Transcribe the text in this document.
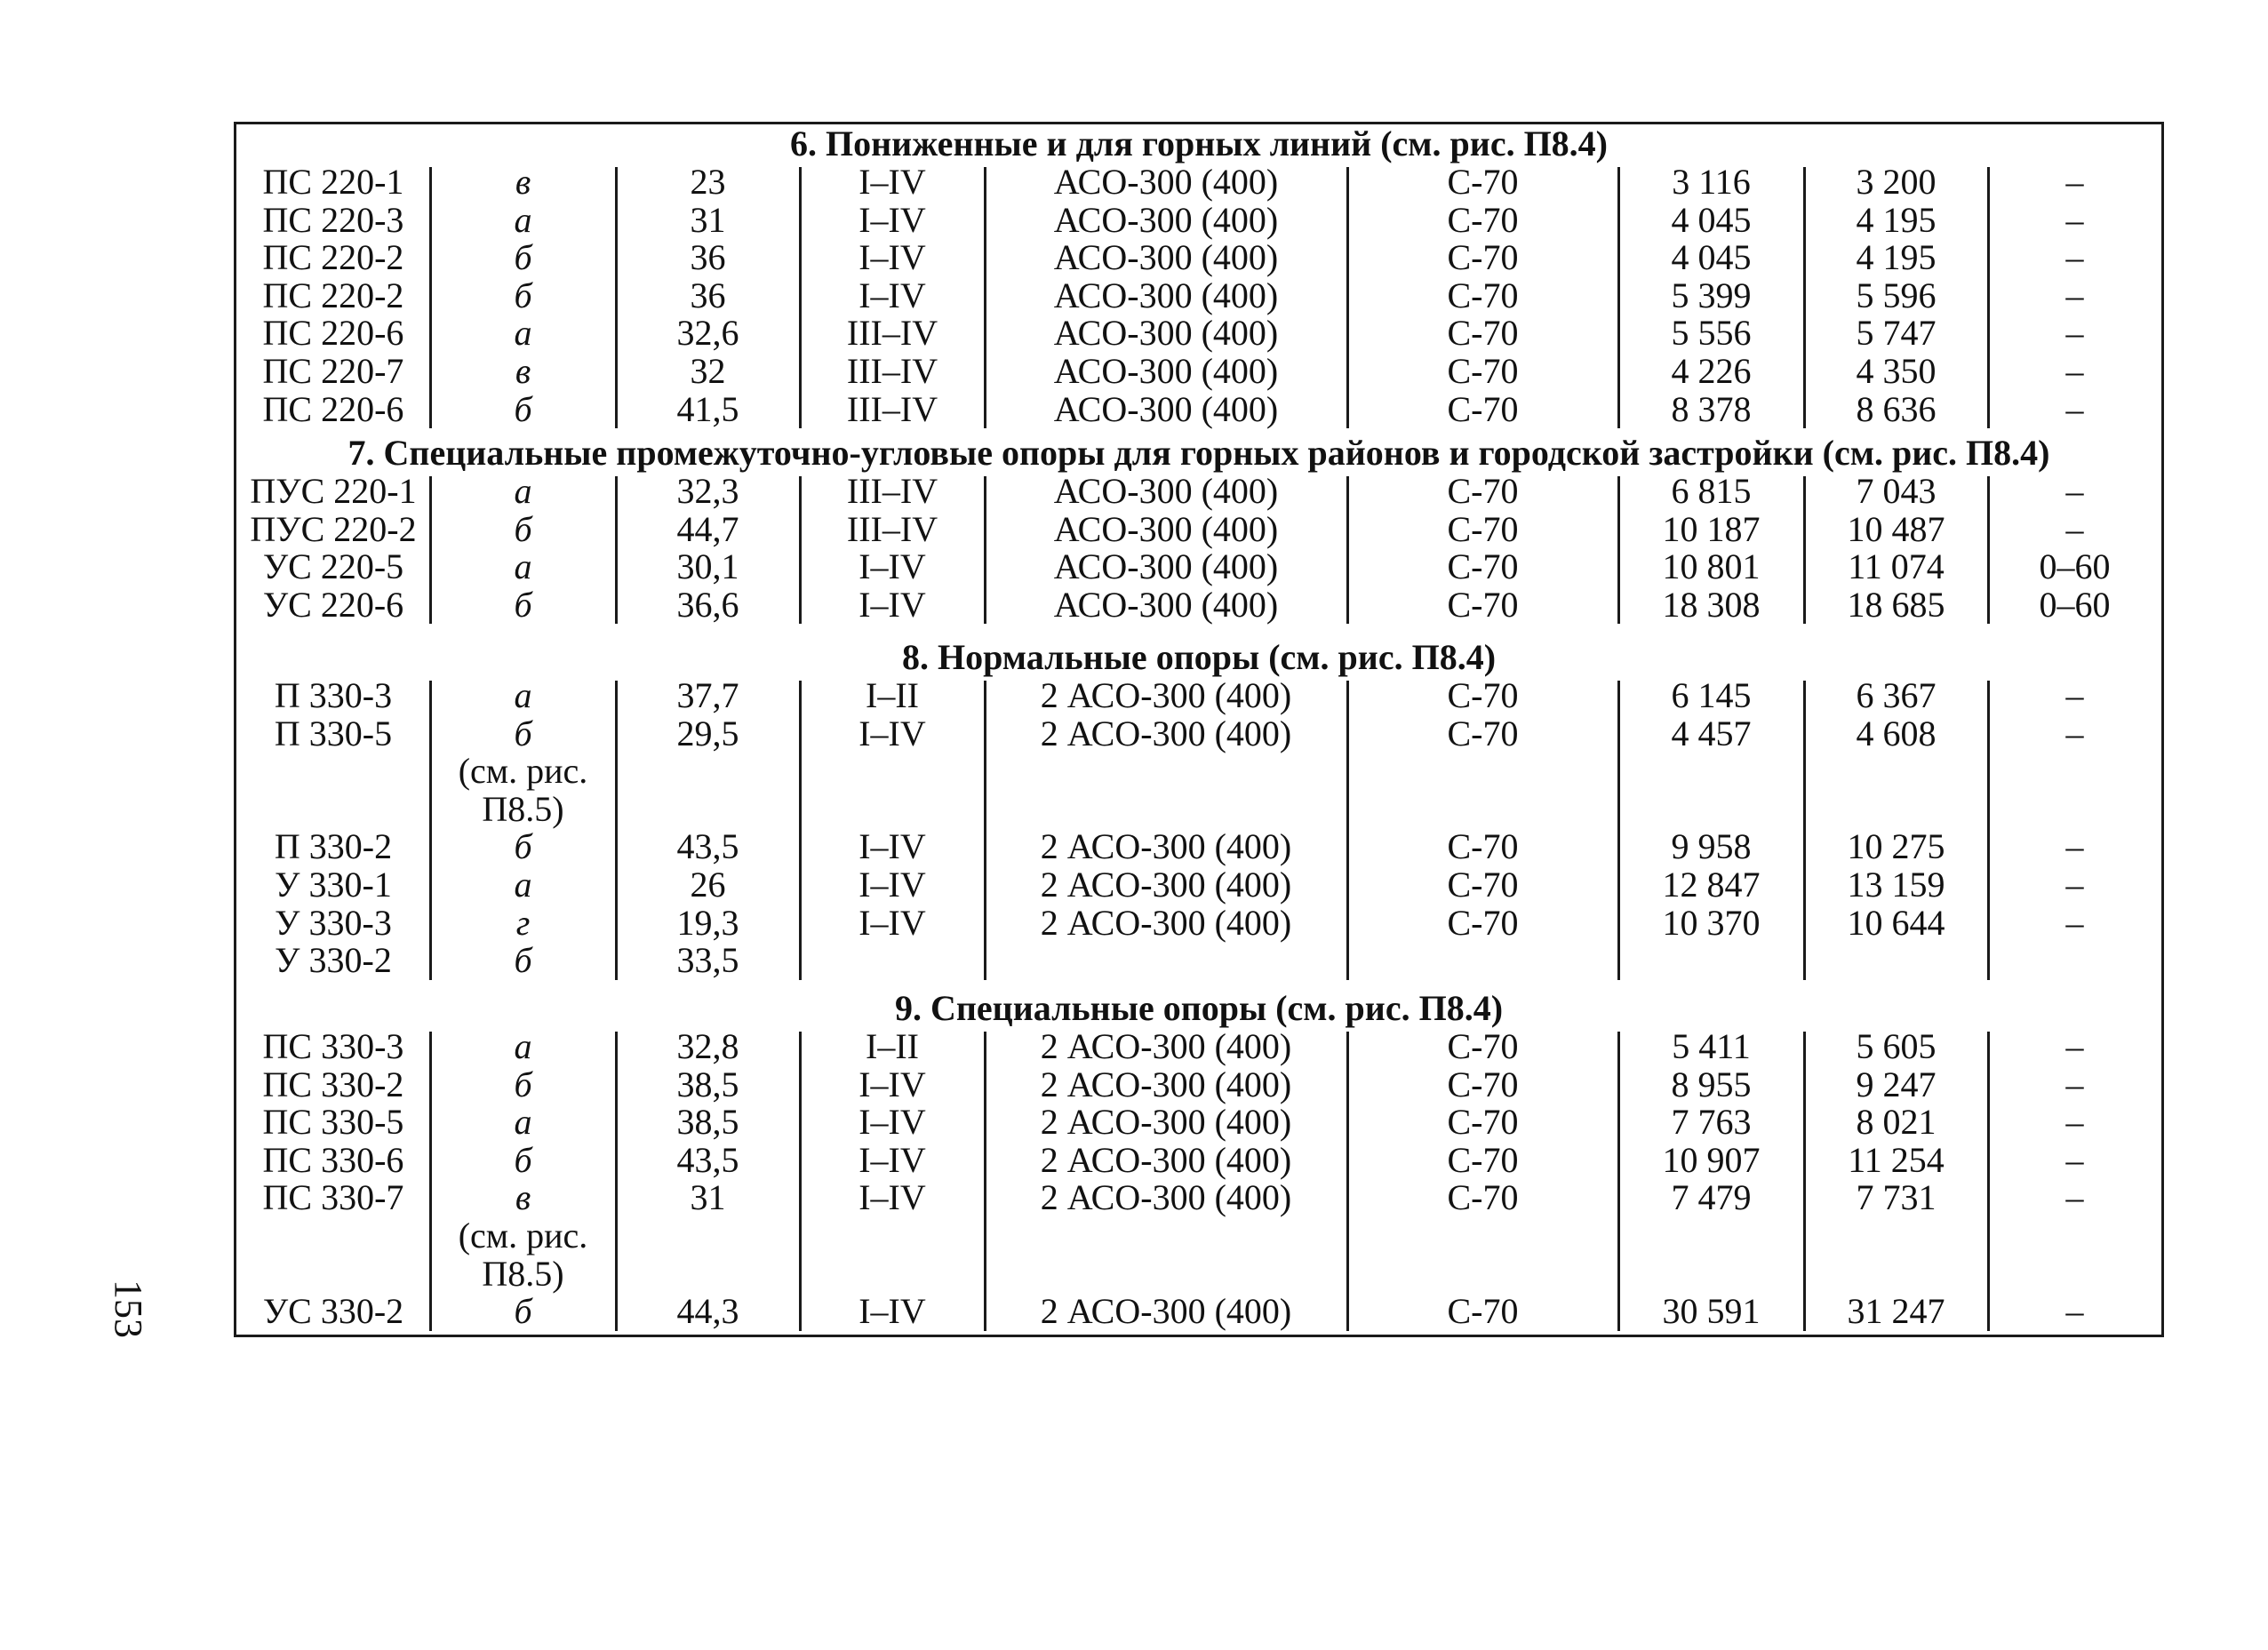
6. Пониженные и для горных линий (см. рис. П8.4)
ПС 220-1	в	23	I–IV	АСО-300 (400)	С-70	3 116	3 200	–
ПС 220-3	а	31	I–IV	АСО-300 (400)	С-70	4 045	4 195	–
ПС 220-2	б	36	I–IV	АСО-300 (400)	С-70	4 045	4 195	–
ПС 220-2	б	36	I–IV	АСО-300 (400)	С-70	5 399	5 596	–
ПС 220-6	а	32,6	III–IV	АСО-300 (400)	С-70	5 556	5 747	–
ПС 220-7	в	32	III–IV	АСО-300 (400)	С-70	4 226	4 350	–
ПС 220-6	б	41,5	III–IV	АСО-300 (400)	С-70	8 378	8 636	–
7. Специальные промежуточно-угловые опоры для горных районов и городской застройки (см. рис. П8.4)
ПУС 220-1	а	32,3	III–IV	АСО-300 (400)	С-70	6 815	7 043	–
ПУС 220-2	б	44,7	III–IV	АСО-300 (400)	С-70	10 187	10 487	–
УС 220-5	а	30,1	I–IV	АСО-300 (400)	С-70	10 801	11 074	0–60
УС 220-6	б	36,6	I–IV	АСО-300 (400)	С-70	18 308	18 685	0–60
8. Нормальные опоры (см. рис. П8.4)
П 330-3	а	37,7	I–II	2 АСО-300 (400)	С-70	6 145	6 367	–
П 330-5	б	29,5	I–IV	2 АСО-300 (400)	С-70	4 457	4 608	–
(см. рис.
П8.5)
П 330-2	б	43,5	I–IV	2 АСО-300 (400)	С-70	9 958	10 275	–
У 330-1	а	26	I–IV	2 АСО-300 (400)	С-70	12 847	13 159	–
У 330-3	г	19,3	I–IV	2 АСО-300 (400)	С-70	10 370	10 644	–
У 330-2	б	33,5
9. Специальные опоры (см. рис. П8.4)
ПС 330-3	а	32,8	I–II	2 АСО-300 (400)	С-70	5 411	5 605	–
ПС 330-2	б	38,5	I–IV	2 АСО-300 (400)	С-70	8 955	9 247	–
ПС 330-5	а	38,5	I–IV	2 АСО-300 (400)	С-70	7 763	8 021	–
ПС 330-6	б	43,5	I–IV	2 АСО-300 (400)	С-70	10 907	11 254	–
ПС 330-7	в	31	I–IV	2 АСО-300 (400)	С-70	7 479	7 731	–
(см. рис.
П8.5)
УС 330-2	б	44,3	I–IV	2 АСО-300 (400)	С-70	30 591	31 247	–
153
